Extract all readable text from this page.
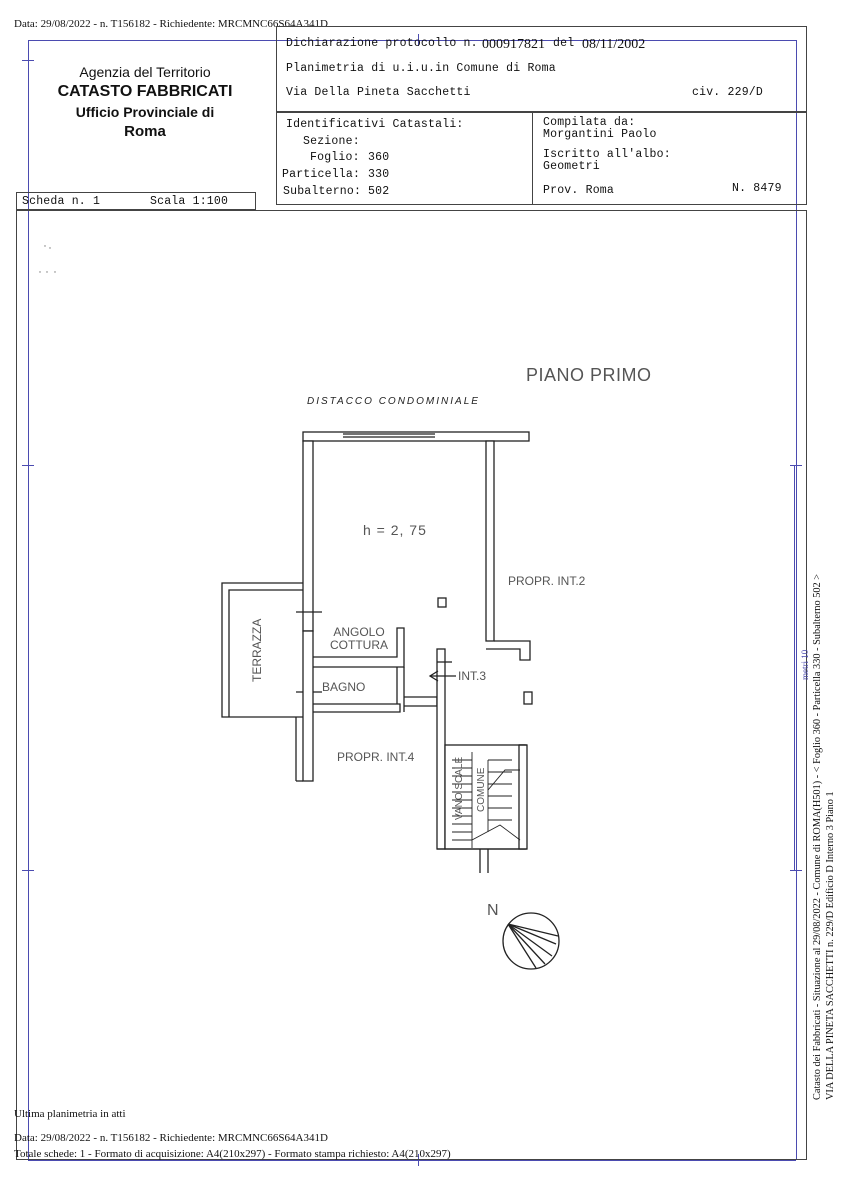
Data: 29/08/2022 - n. T156182 - Richiedente: MRCMNC66S64A341D
Agenzia del Territorio
CATASTO FABBRICATI
Ufficio Provinciale di
Roma
Dichiarazione protocollo n. 000917821 del 08/11/2002
Planimetria di u.i.u.in Comune di Roma
Via Della Pineta Sacchetti	civ. 229/D
Identificativi Catastali:
Sezione:
Foglio: 360
Particella: 330
Subalterno: 502
Compilata da:
Morgantini Paolo
Iscritto all'albo:
Geometri
Prov. Roma	N. 8479
Scheda n. 1	Scala 1:100
PIANO PRIMO
DISTACCO CONDOMINIALE
h = 2, 75
PROPR. INT.2
ANGOLO
COTTURA
TERRAZZA
BAGNO
INT.3
PROPR. INT.4	VANO SCALE COMUNE
N	Catasto dei Fabbricati - Situazione al 29/08/2022 - Comune di ROMA(H501) - < Foglio 360 - Particella 330 - Subalterno 502 > VIA DELLA PINETA SACCHETTI n. 229/D Edificio D Interno 3 Piano 1
metri 10
Ultima planimetria in atti
Data: 29/08/2022 - n. T156182 - Richiedente: MRCMNC66S64A341D
Totale schede: 1 - Formato di acquisizione: A4(210x297) - Formato stampa richiesto: A4(210x297)
